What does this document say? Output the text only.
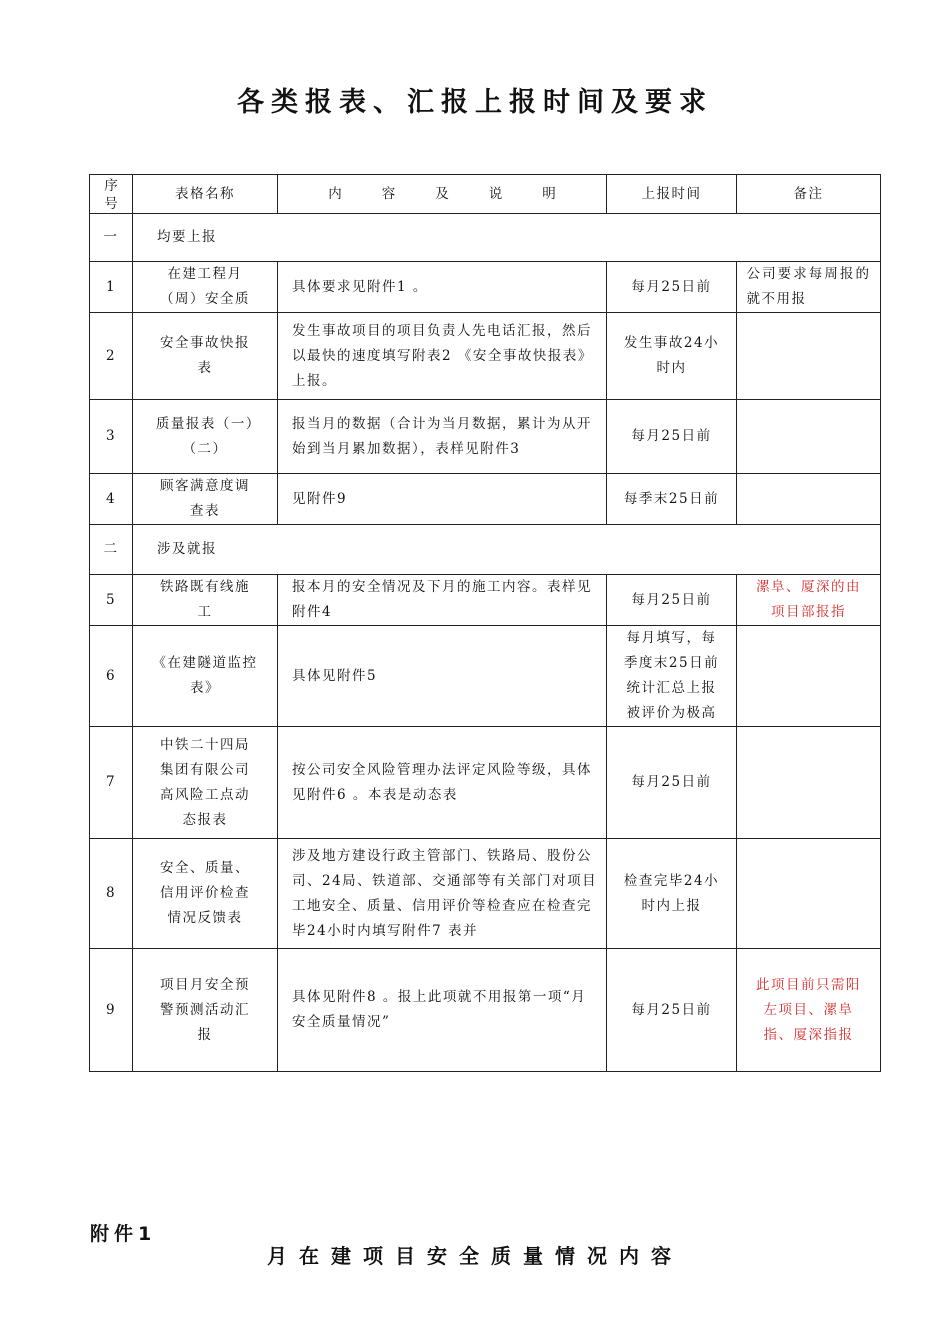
各类报表、汇报上报时间及要求
序号	表格名称	内容及说明	上报时间	备注

一	均要上报			

1	在建工程月（周）安全质	具体要求见附件1 。	每月25日前	公司要求每周报的就不用报

2	安全事故快报表	发生事故项目的项目负责人先电话汇报，然后以最快的速度填写附表2 《安全事故快报表》上报。	发生事故24小时内	

3	质量报表（一）（二）	报当月的数据（合计为当月数据，累计为从开始到当月累加数据），表样见附件3	每月25日前	

4	顾客满意度调查表	见附件9	每季末25日前	

二	涉及就报			

5	铁路既有线施工	报本月的安全情况及下月的施工内容。表样见附件4	每月25日前	漯阜、厦深的由项目部报指

6	《在建隧道监控表》	具体见附件5	每月填写，每季度末25日前统计汇总上报被评价为极高	

7	中铁二十四局集团有限公司高风险工点动态报表	按公司安全风险管理办法评定风险等级，具体见附件6 。本表是动态表	每月25日前	

8	安全、质量、信用评价检查情况反馈表	涉及地方建设行政主管部门、铁路局、股份公司、24局、铁道部、交通部等有关部门对项目工地安全、质量、信用评价等检查应在检查完毕24小时内填写附件7 表并	检查完毕24小时内上报	

9	项目月安全预警预测活动汇报	具体见附件8 。报上此项就不用报第一项“月安全质量情况”	每月25日前	此项目前只需阳左项目、漯阜指、厦深指报
附件1
月在建项目安全质量情况内容
